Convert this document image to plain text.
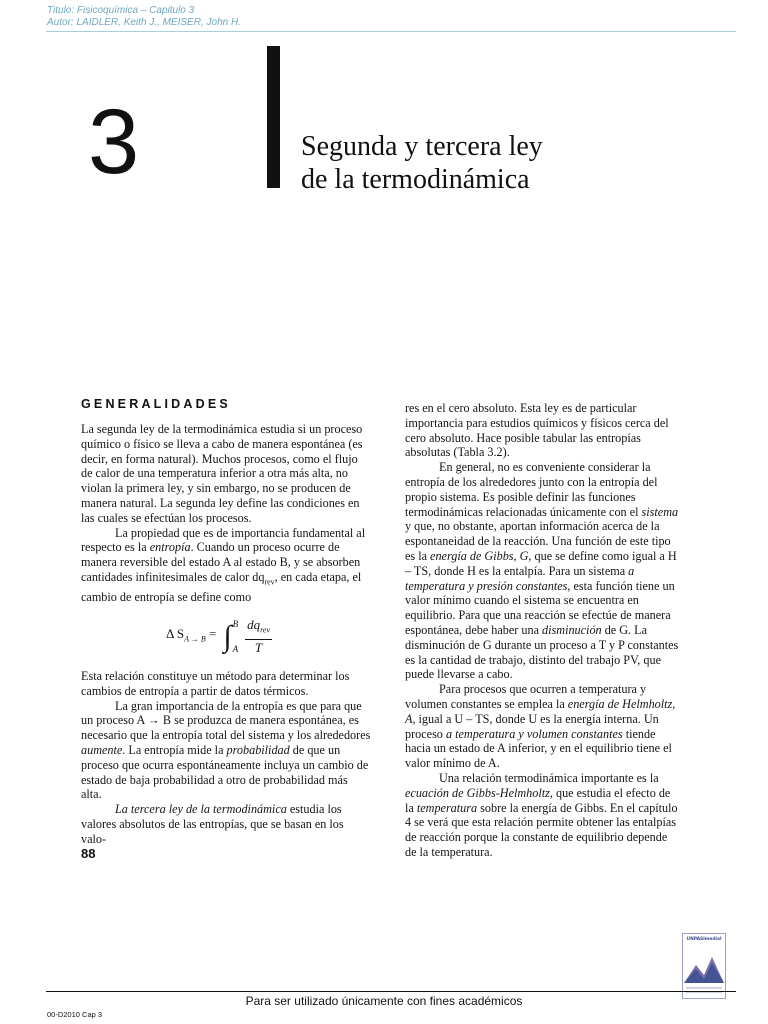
Titulo: Fisicoquímica – Capitulo 3
Autor: LAIDLER, Keith J., MEISER, John H.
3	Segunda y tercera ley
de la termodinámica
GENERALIDADES

La segunda ley de la termodinámica estudia si un proceso químico o físico se lleva a cabo de manera espontánea (es decir, en forma natural). Muchos procesos, como el flujo de calor de una temperatura inferior a otra más alta, no violan la primera ley, y sin embargo, no se producen de manera natural. La segunda ley define las condiciones en las cuales se efectúan los procesos.

La propiedad que es de importancia fundamental al respecto es la entropía. Cuando un proceso ocurre de manera reversible del estado A al estado B, y se absorben cantidades infinitesimales de calor $dq_{rev}$, en cada etapa, el cambio de entropía se define como

Δ $S_{A \to B}$ = ∫ B
A $\frac{dq_{rev}}{T}$

Esta relación constituye un método para determinar los cambios de entropía a partir de datos térmicos.

La gran importancia de la entropía es que para que un proceso A → B se produzca de manera espontánea, es necesario que la entropía total del sistema y los alrededores aumente. La entropía mide la probabilidad de que un proceso que ocurra espontáneamente incluya un cambio de estado de baja probabilidad a otro de probabilidad más alta.

La tercera ley de la termodinámica estudia los valores absolutos de las entropías, que se basan en los valo-

res en el cero absoluto. Esta ley es de particular importancia para estudios químicos y físicos cerca del cero absoluto. Hace posible tabular las entropías absolutas (Tabla 3.2).

En general, no es conveniente considerar la entropía de los alrededores junto con la entropía del propio sistema. Es posible definir las funciones termodinámicas relacionadas únicamente con el sistema y que, no obstante, aportan información acerca de la espontaneidad de la reacción. Una función de este tipo es la energía de Gibbs, G, que se define como igual a H – TS, donde H es la entalpía. Para un sistema a temperatura y presión constantes, esta función tiene un valor mínimo cuando el sistema se encuentra en equilibrio. Para que una reacción se efectúe de manera espontánea, debe haber una disminución de G. La disminución de G durante un proceso a T y P constantes es la cantidad de trabajo, distinto del trabajo PV, que puede llevarse a cabo.

Para procesos que ocurren a temperatura y volumen constantes se emplea la energía de Helmholtz, A, igual a U – TS, donde U es la energía interna. Un proceso a temperatura y volumen constantes tiende hacia un estado de A inferior, y en el equilibrio tiene el valor mínimo de A.

Una relación termodinámica importante es la ecuación de Gibbs-Helmholtz, que estudia el efecto de la temperatura sobre la energía de Gibbs. En el capítulo 4 se verá que esta relación permite obtener las entalpías de reacción porque la constante de equilibrio depende de la temperatura.

88
UNPASImedial
Para ser utilizado únicamente con fines académicos
00-D2010 Cap 3
